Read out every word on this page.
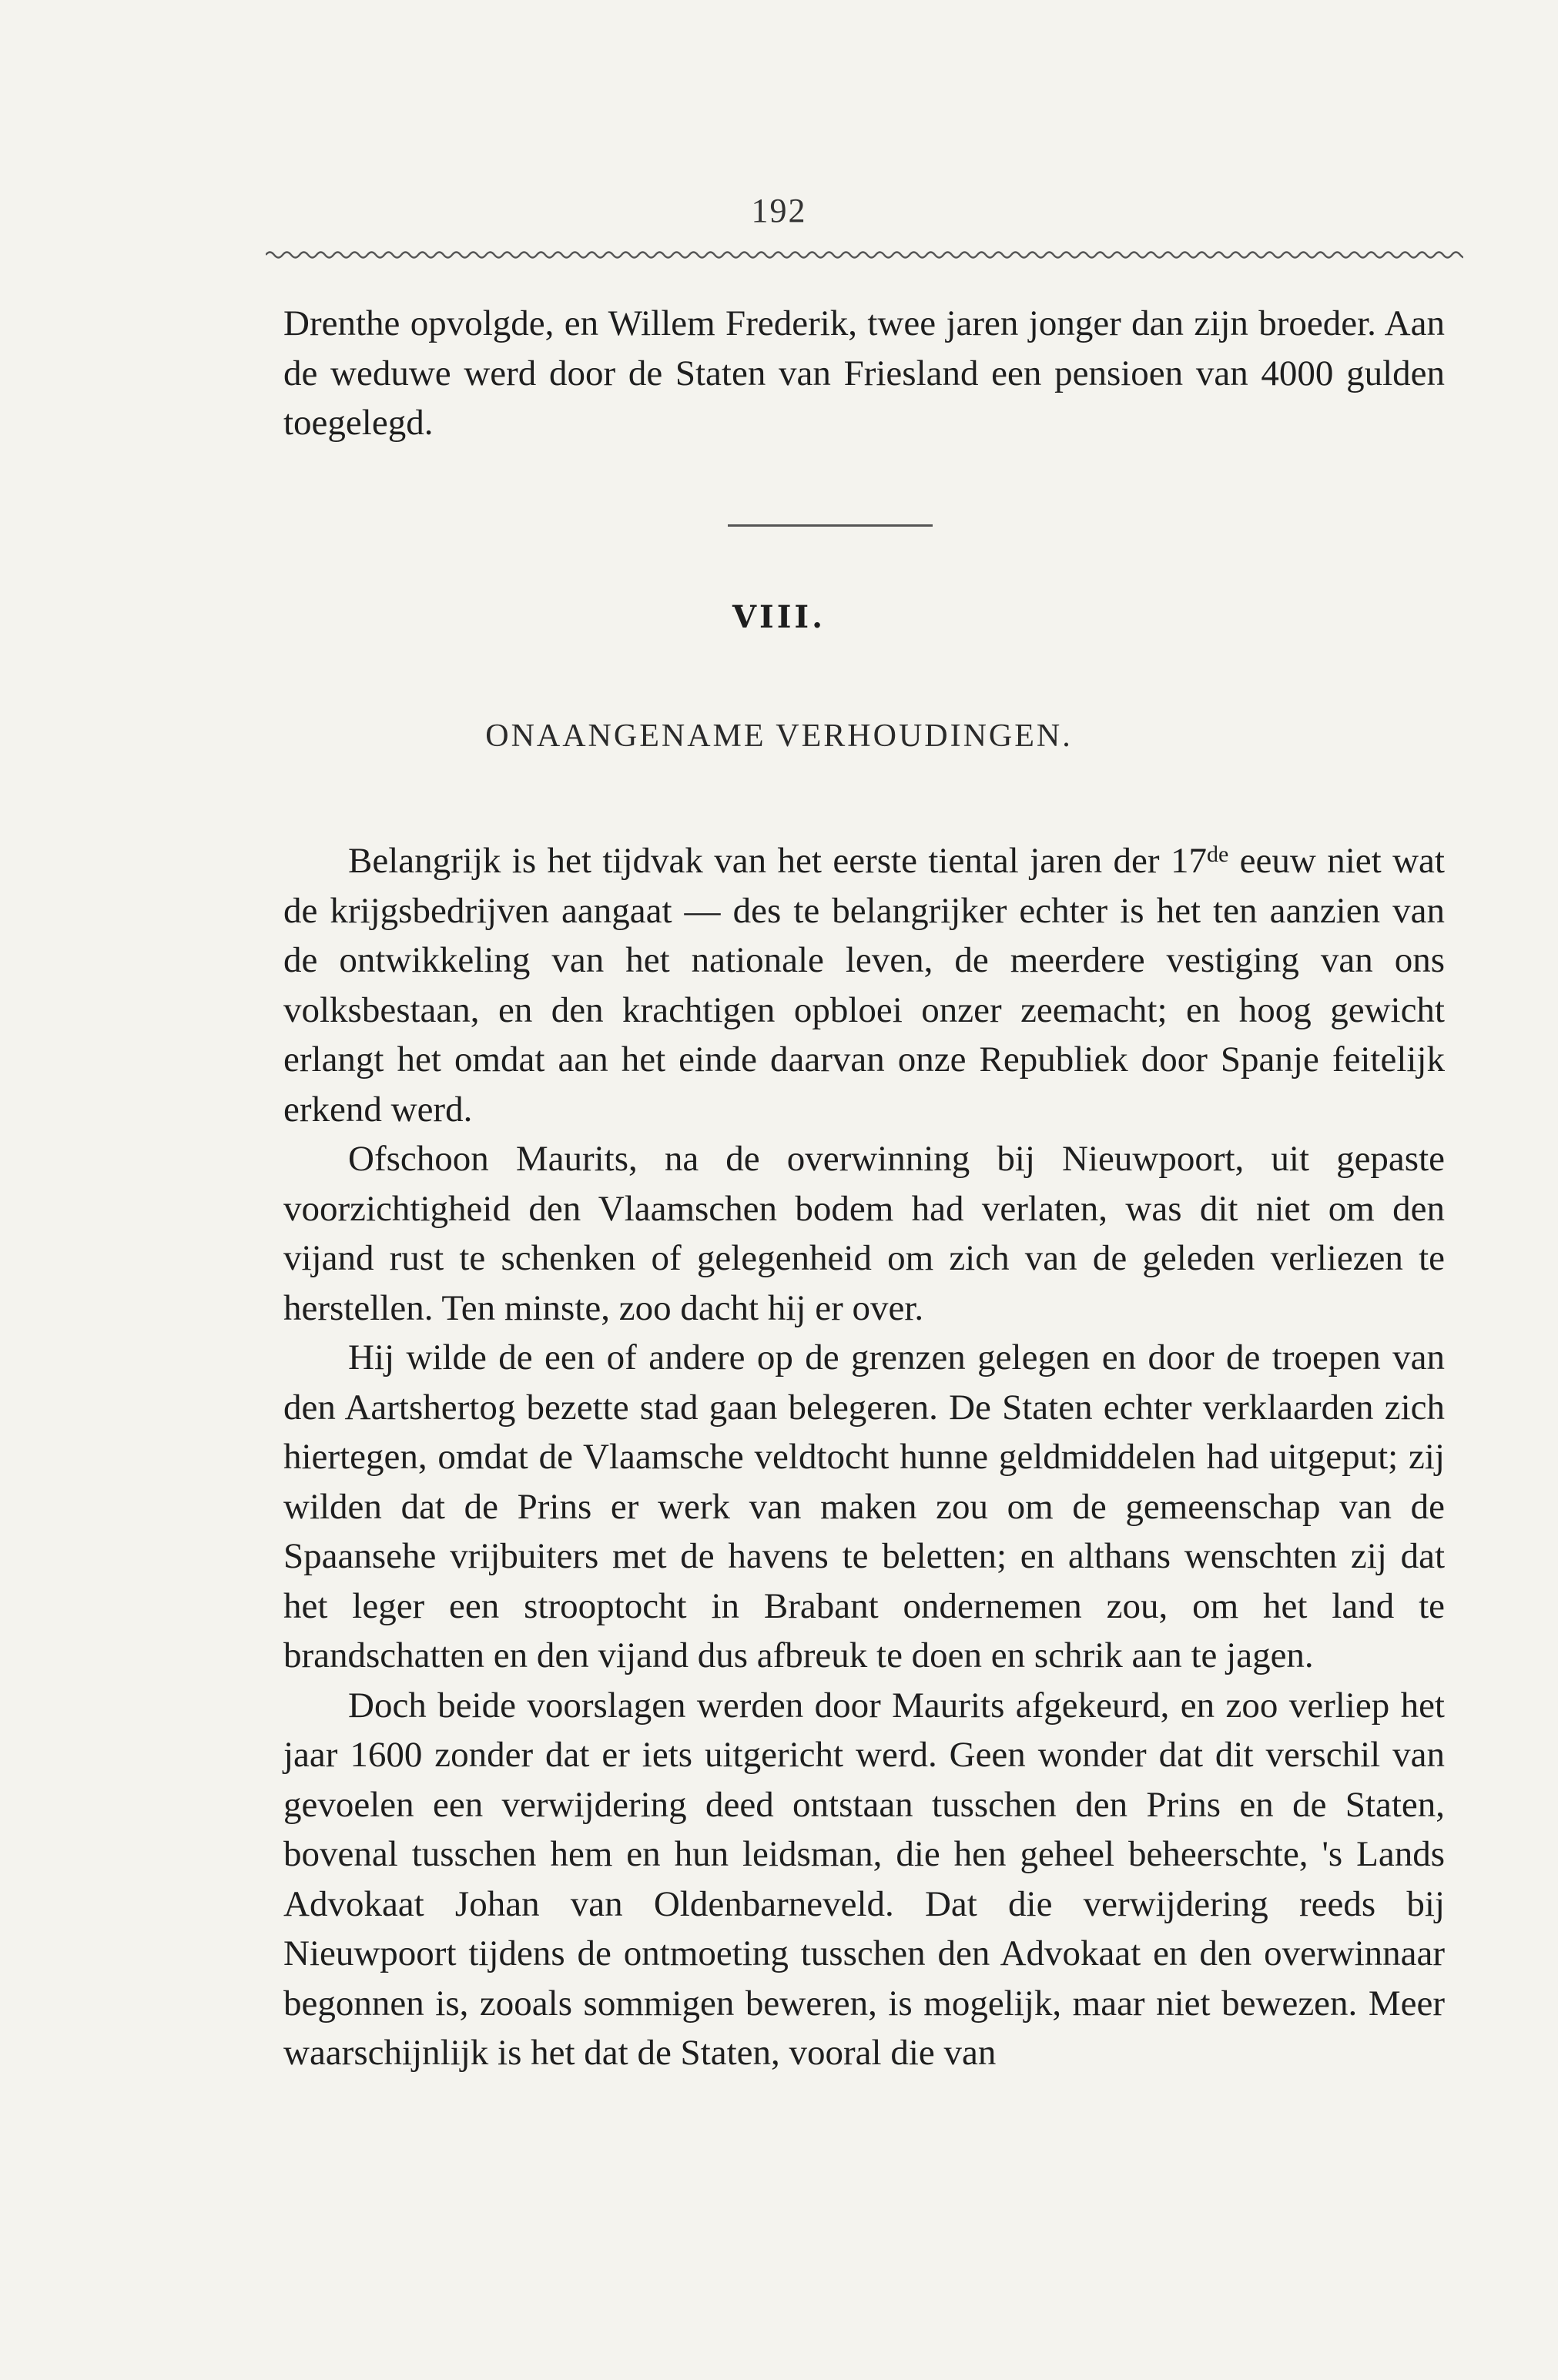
192

Drenthe opvolgde, en Willem Frederik, twee jaren jonger dan zijn broeder. Aan de weduwe werd door de Staten van Friesland een pensioen van 4000 gulden toegelegd.

VIII.
ONAANGENAME VERHOUDINGEN.

Belangrijk is het tijdvak van het eerste tiental jaren der 17de eeuw niet wat de krijgsbedrijven aangaat — des te belangrijker echter is het ten aanzien van de ontwikkeling van het nationale leven, de meerdere vestiging van ons volksbestaan, en den krachtigen opbloei onzer zeemacht; en hoog gewicht erlangt het omdat aan het einde daarvan onze Republiek door Spanje feitelijk erkend werd.

Ofschoon Maurits, na de overwinning bij Nieuwpoort, uit gepaste voorzichtigheid den Vlaamschen bodem had verlaten, was dit niet om den vijand rust te schenken of gelegenheid om zich van de geleden verliezen te herstellen. Ten minste, zoo dacht hij er over.

Hij wilde de een of andere op de grenzen gelegen en door de troepen van den Aartshertog bezette stad gaan belegeren. De Staten echter verklaarden zich hiertegen, omdat de Vlaamsche veldtocht hunne geldmiddelen had uitgeput; zij wilden dat de Prins er werk van maken zou om de gemeenschap van de Spaansehe vrijbuiters met de havens te beletten; en althans wenschten zij dat het leger een strooptocht in Brabant ondernemen zou, om het land te brandschatten en den vijand dus afbreuk te doen en schrik aan te jagen.

Doch beide voorslagen werden door Maurits afgekeurd, en zoo verliep het jaar 1600 zonder dat er iets uitgericht werd. Geen wonder dat dit verschil van gevoelen een verwijdering deed ontstaan tusschen den Prins en de Staten, bovenal tusschen hem en hun leidsman, die hen geheel beheerschte, 's Lands Advokaat Johan van Oldenbarneveld. Dat die verwijdering reeds bij Nieuwpoort tijdens de ontmoeting tusschen den Advokaat en den overwinnaar begonnen is, zooals sommigen beweren, is mogelijk, maar niet bewezen. Meer waarschijnlijk is het dat de Staten, vooral die van
